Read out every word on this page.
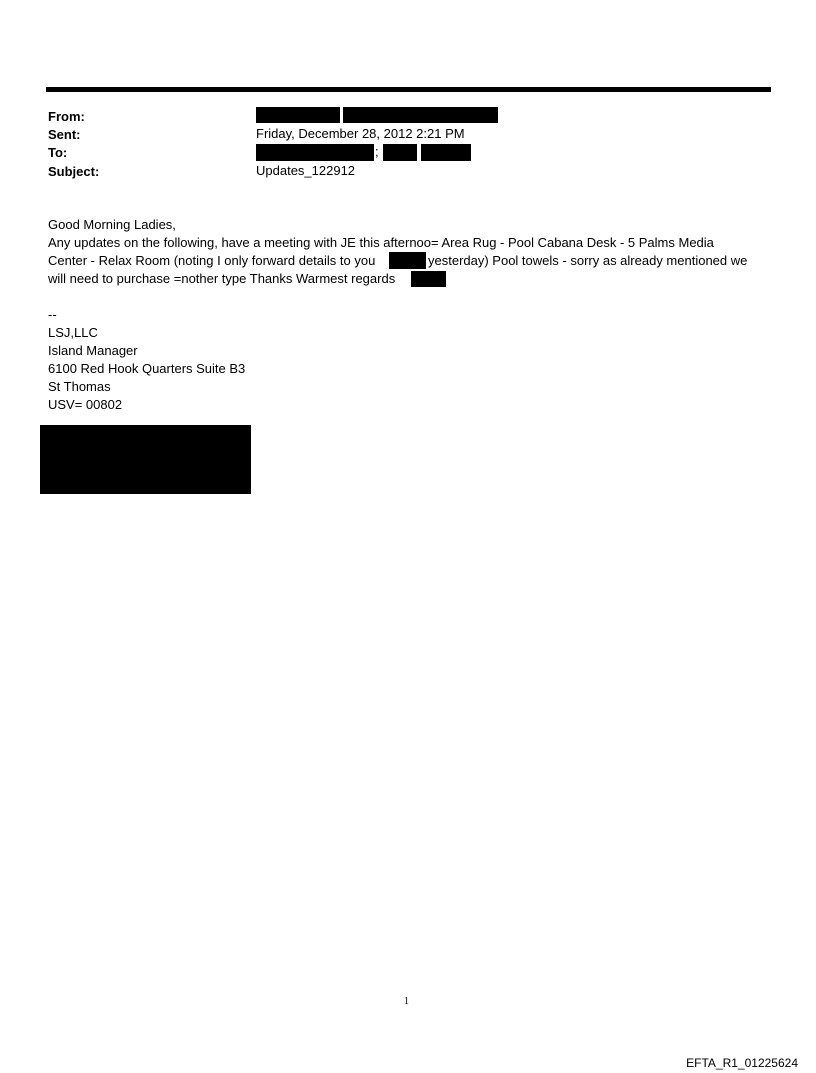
From:
Sent:	Friday, December 28, 2012 2:21 PM
To:	;
Subject:	Updates_122912
Good Morning Ladies,
Any updates on the following, have a meeting with JE this afternoo= Area Rug - Pool Cabana Desk - 5 Palms Media
Center - Relax Room (noting I only forward details to you	yesterday) Pool towels - sorry as already mentioned we
will need to purchase =nother type Thanks Warmest regards
--
LSJ,LLC
Island Manager
6100 Red Hook Quarters Suite B3
St Thomas
USV= 00802
1
EFTA_R1_01225624
